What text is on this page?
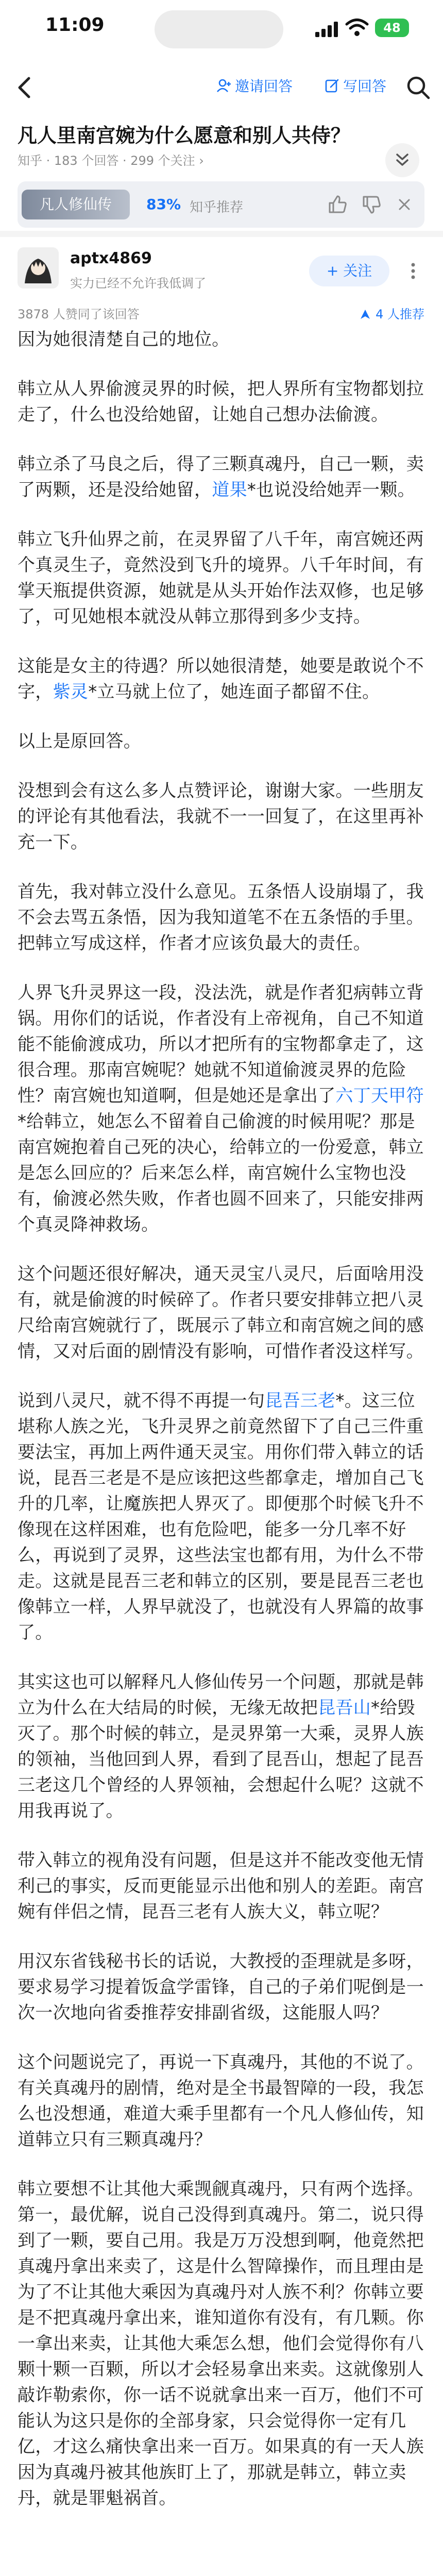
11:09	48
邀请回答	写回答
凡人里南宫婉为什么愿意和别人共侍？
知乎 · 183 个回答 · 299 个关注 ›
凡人修仙传	83% 知乎推荐
aptx4869
实力已经不允许我低调了
+ 关注
3878 人赞同了该回答	4 人推荐

因为她很清楚自己的地位。

韩立从人界偷渡灵界的时候，把人界所有宝物都划拉走了，什么也没给她留，让她自己想办法偷渡。

韩立杀了马良之后，得了三颗真魂丹，自己一颗，卖了两颗，还是没给她留，道果*也说没给她弄一颗。

韩立飞升仙界之前，在灵界留了八千年，南宫婉还两个真灵生子，竟然没到飞升的境界。八千年时间，有掌天瓶提供资源，她就是从头开始作法双修，也足够了，可见她根本就没从韩立那得到多少支持。

这能是女主的待遇？所以她很清楚，她要是敢说个不字，紫灵*立马就上位了，她连面子都留不住。

以上是原回答。

没想到会有这么多人点赞评论，谢谢大家。一些朋友的评论有其他看法，我就不一一回复了，在这里再补充一下。

首先，我对韩立没什么意见。五条悟人设崩塌了，我不会去骂五条悟，因为我知道笔不在五条悟的手里。把韩立写成这样，作者才应该负最大的责任。

人界飞升灵界这一段，没法洗，就是作者犯病韩立背锅。用你们的话说，作者没有上帝视角，自己不知道能不能偷渡成功，所以才把所有的宝物都拿走了，这很合理。那南宫婉呢？她就不知道偷渡灵界的危险性？南宫婉也知道啊，但是她还是拿出了六丁天甲符*给韩立，她怎么不留着自己偷渡的时候用呢？那是南宫婉抱着自己死的决心，给韩立的一份爱意，韩立是怎么回应的？后来怎么样，南宫婉什么宝物也没有，偷渡必然失败，作者也圆不回来了，只能安排两个真灵降神救场。

这个问题还很好解决，通天灵宝八灵尺，后面啥用没有，就是偷渡的时候碎了。作者只要安排韩立把八灵尺给南宫婉就行了，既展示了韩立和南宫婉之间的感情，又对后面的剧情没有影响，可惜作者没这样写。

说到八灵尺，就不得不再提一句昆吾三老*。这三位堪称人族之光，飞升灵界之前竟然留下了自己三件重要法宝，再加上两件通天灵宝。用你们带入韩立的话说，昆吾三老是不是应该把这些都拿走，增加自己飞升的几率，让魔族把人界灭了。即便那个时候飞升不像现在这样困难，也有危险吧，能多一分几率不好么，再说到了灵界，这些法宝也都有用，为什么不带走。这就是昆吾三老和韩立的区别，要是昆吾三老也像韩立一样，人界早就没了，也就没有人界篇的故事了。

其实这也可以解释凡人修仙传另一个问题，那就是韩立为什么在大结局的时候，无缘无故把昆吾山*给毁灭了。那个时候的韩立，是灵界第一大乘，灵界人族的领袖，当他回到人界，看到了昆吾山，想起了昆吾三老这几个曾经的人界领袖，会想起什么呢？这就不用我再说了。

带入韩立的视角没有问题，但是这并不能改变他无情利己的事实，反而更能显示出他和别人的差距。南宫婉有伴侣之情，昆吾三老有人族大义，韩立呢？

用汉东省钱秘书长的话说，大教授的歪理就是多呀，要求易学习提着饭盒学雷锋，自己的子弟们呢倒是一次一次地向省委推荐安排副省级，这能服人吗？

这个问题说完了，再说一下真魂丹，其他的不说了。有关真魂丹的剧情，绝对是全书最智障的一段，我怎么也没想通，难道大乘手里都有一个凡人修仙传，知道韩立只有三颗真魂丹？

韩立要想不让其他大乘觊觎真魂丹，只有两个选择。第一，最优解，说自己没得到真魂丹。第二，说只得到了一颗，要自己用。我是万万没想到啊，他竟然把真魂丹拿出来卖了，这是什么智障操作，而且理由是为了不让其他大乘因为真魂丹对人族不利？你韩立要是不把真魂丹拿出来，谁知道你有没有，有几颗。你一拿出来卖，让其他大乘怎么想，他们会觉得你有八颗十颗一百颗，所以才会轻易拿出来卖。这就像别人敲诈勒索你，你一话不说就拿出来一百万，他们不可能认为这只是你的全部身家，只会觉得你一定有几亿，才这么痛快拿出来一百万。如果真的有一天人族因为真魂丹被其他族盯上了，那就是韩立，韩立卖丹，就是罪魁祸首。
